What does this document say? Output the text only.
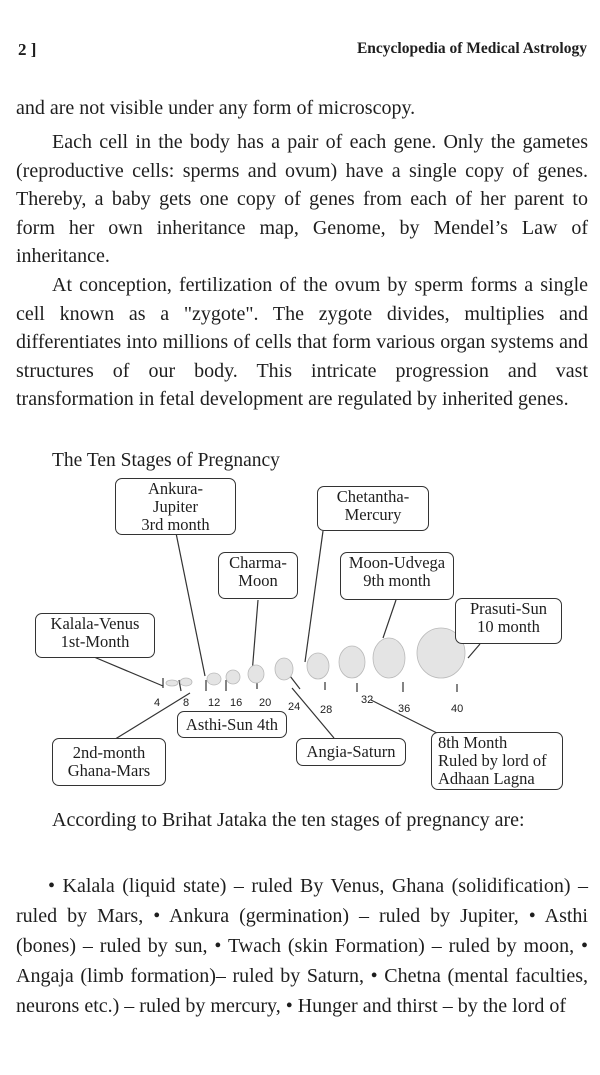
2 ]	Encyclopedia of Medical Astrology

and are not visible under any form of microscopy.

Each cell in the body has a pair of each gene. Only the gametes (reproductive cells: sperms and ovum) have a single copy of genes. Thereby, a baby gets one copy of genes from each of her parent to form her own inheritance map, Genome, by Mendel’s Law of inheritance.

At conception, fertilization of the ovum by sperm forms a single cell known as a "zygote". The zygote divides, multiplies and differentiates into millions of cells that form various organ systems and structures of our body. This intricate progression and vast transformation in fetal development are regulated by inherited genes.

The Ten Stages of Pregnancy
Ankura-
Jupiter
3rd month
Chetantha-
Mercury
Charma-
Moon
Moon-Udvega
9th month
Prasuti-Sun
10 month
Kalala-Venus
1st-Month
Asthi-Sun 4th
2nd-month
Ghana-Mars
Angia-Saturn	8th Month
Ruled by lord of
Adhaan Lagna
4 8 12 16 20 24 28
32
36	40

According to Brihat Jataka the ten stages of pregnancy are:

• Kalala (liquid state) – ruled By Venus, Ghana (solidification) – ruled by Mars, • Ankura (germination) – ruled by Jupiter, • Asthi (bones) – ruled by sun, • Twach (skin Formation) – ruled by moon, • Angaja (limb formation)– ruled by Saturn, • Chetna (mental faculties, neurons etc.) – ruled by mercury, • Hunger and thirst – by the lord of
